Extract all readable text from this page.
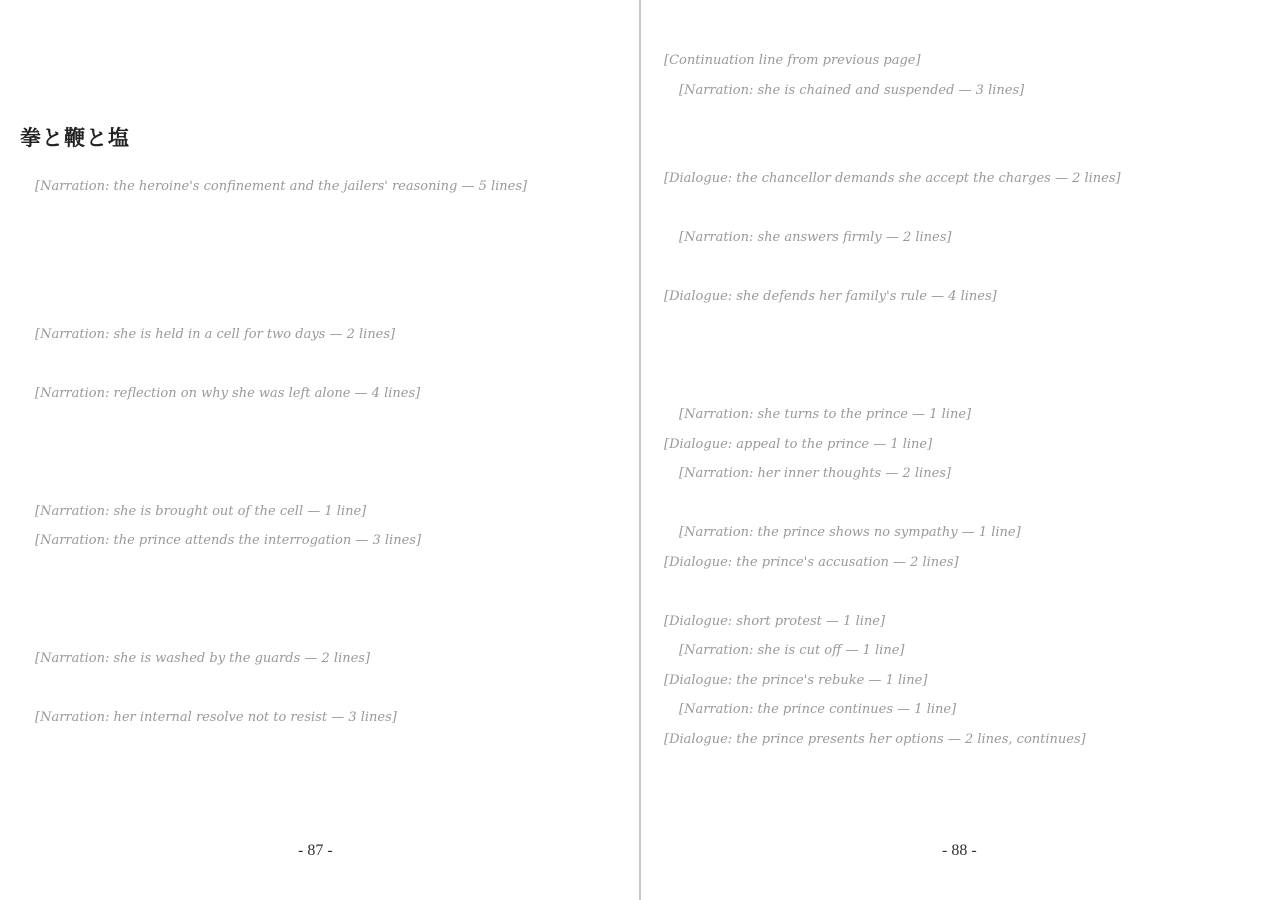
拳と鞭と塩
[Narration: the heroine's confinement and the jailers' reasoning — 5 lines]

[Narration: she is held in a cell for two days — 2 lines]

[Narration: reflection on why she was left alone — 4 lines]

[Narration: she is brought out of the cell — 1 line]
[Narration: the prince attends the interrogation — 3 lines]

[Narration: she is washed by the guards — 2 lines]

[Narration: her internal resolve not to resist — 3 lines]

[Continuation line from previous page]
[Narration: she is chained and suspended — 3 lines]

[Dialogue: the chancellor demands she accept the charges — 2 lines]

[Narration: she answers firmly — 2 lines]

[Dialogue: she defends her family's rule — 4 lines]

[Narration: she turns to the prince — 1 line]
[Dialogue: appeal to the prince — 1 line]
[Narration: her inner thoughts — 2 lines]

[Narration: the prince shows no sympathy — 1 line]
[Dialogue: the prince's accusation — 2 lines]

[Dialogue: short protest — 1 line]
[Narration: she is cut off — 1 line]
[Dialogue: the prince's rebuke — 1 line]
[Narration: the prince continues — 1 line]
[Dialogue: the prince presents her options — 2 lines, continues]

- 87 -	- 88 -
